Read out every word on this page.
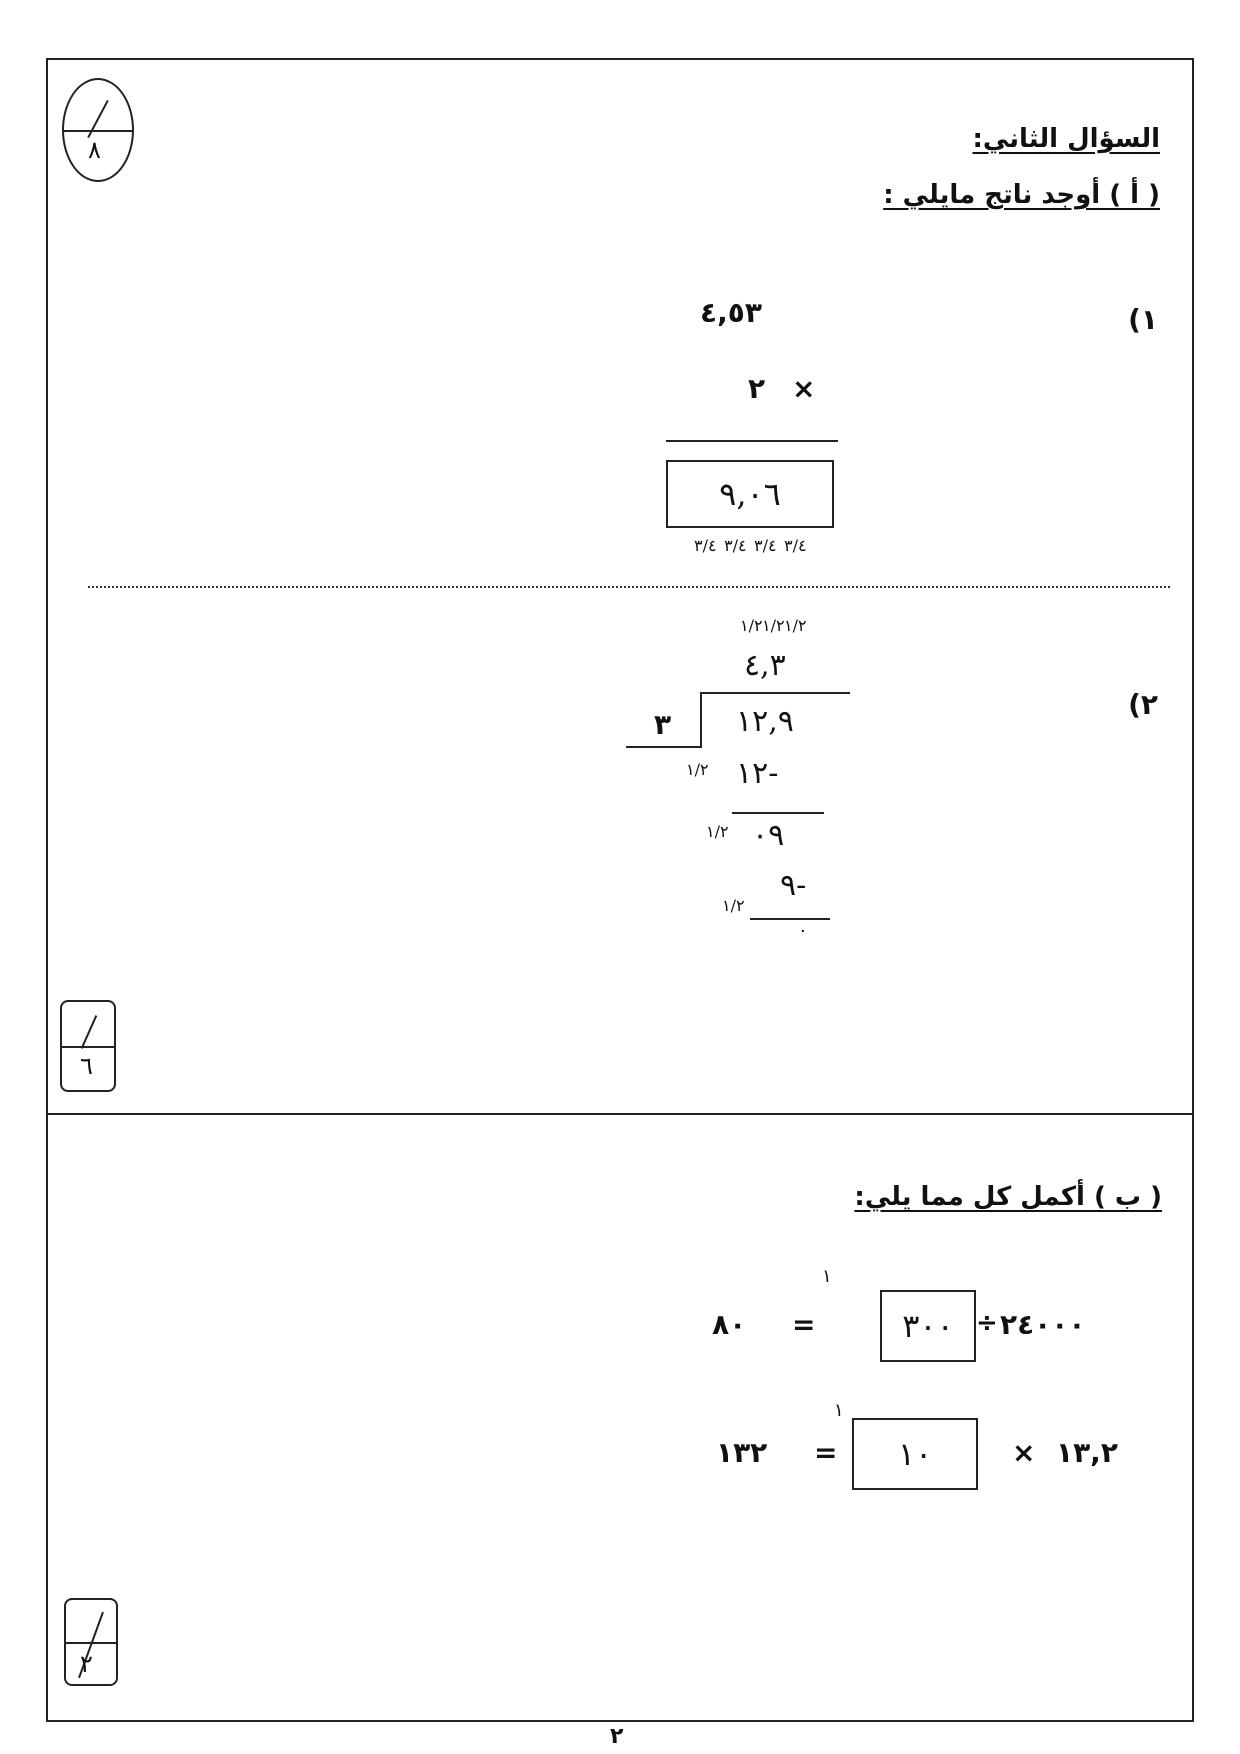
٨	السؤال الثاني:
( أ ) أوجد ناتج مايلي :
١)
٤,٥٣
×
٢
٩,٠٦
٣/٤ ٣/٤ ٣/٤ ٣/٤
٢)
١/٢ ١/٢ ١/٢
٤,٣
٣ ١٢,٩
١٢-
١/٢
٠٩
١/٢
٩-
١/٢
٠
٦
( ب ) أكمل كل مما يلي:
٢٤٠٠٠
÷
٣٠٠
١
=
٨٠
١٣,٢
×
١٠
١
=
١٣٢
٢
٢
